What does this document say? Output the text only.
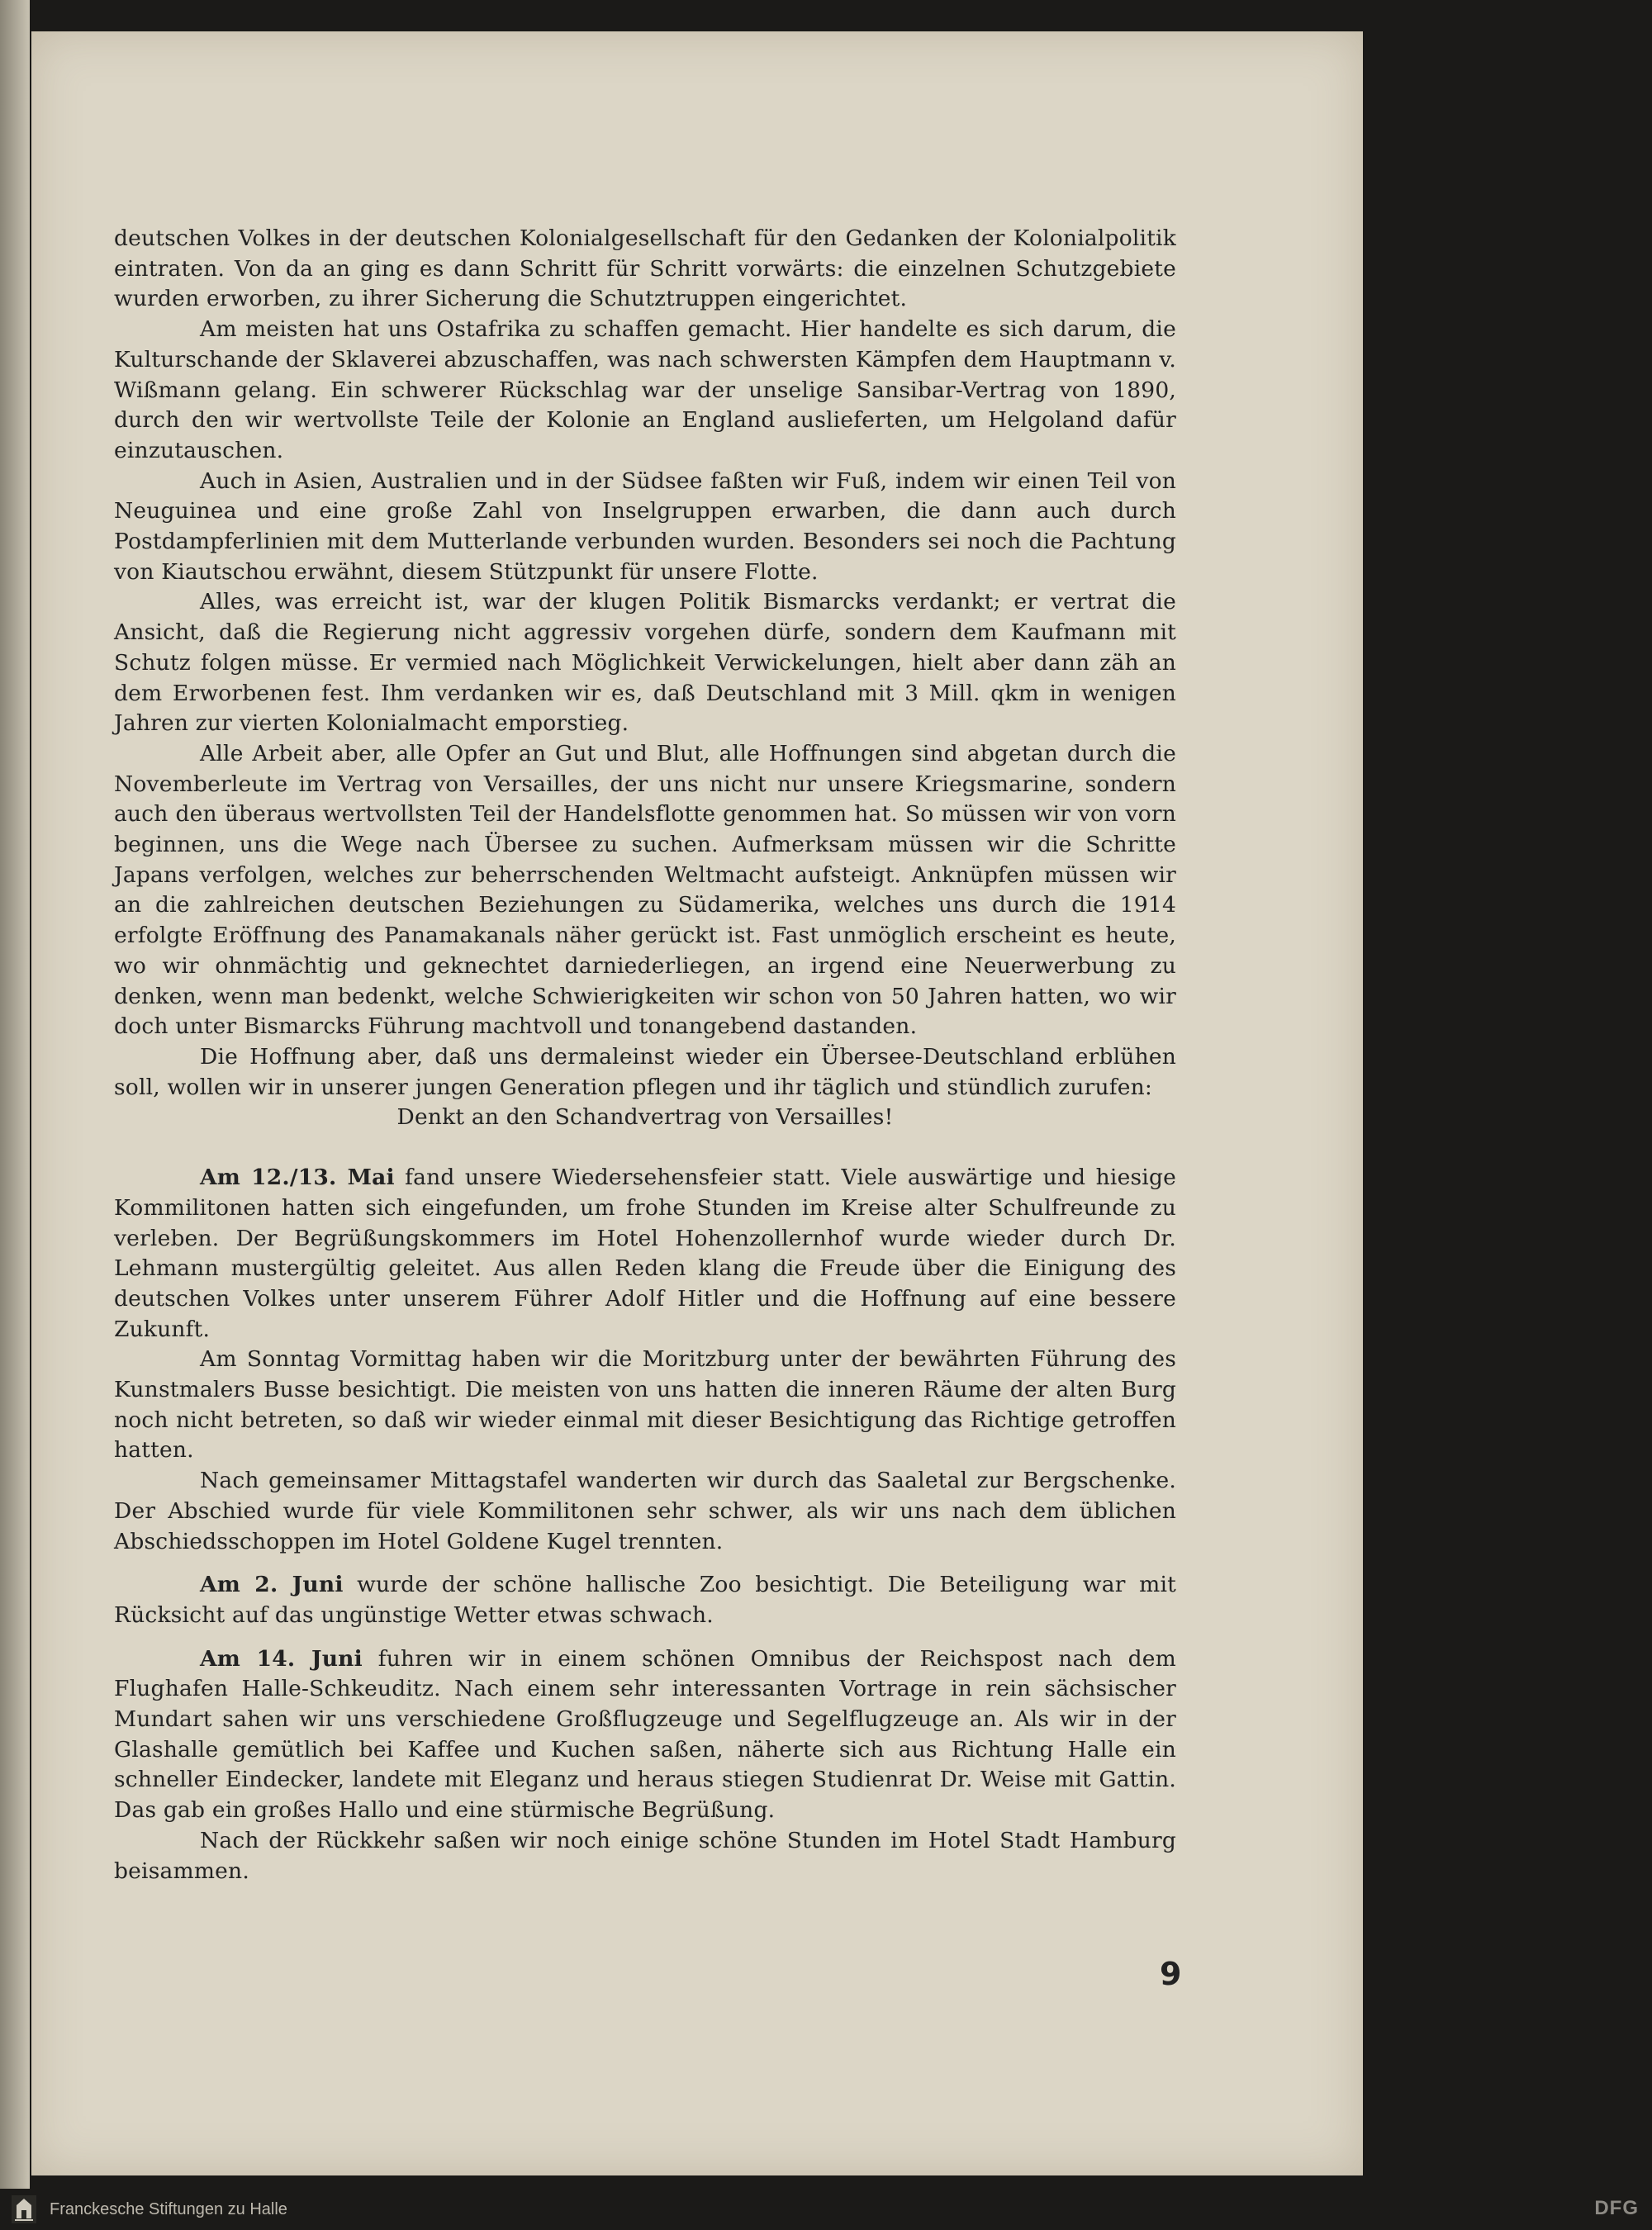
deutschen Volkes in der deutschen Kolonialgesellschaft für den Gedanken der Kolonialpolitik eintraten. Von da an ging es dann Schritt für Schritt vorwärts: die einzelnen Schutzgebiete wurden erworben, zu ihrer Sicherung die Schutztruppen eingerichtet.

Am meisten hat uns Ostafrika zu schaffen gemacht. Hier handelte es sich darum, die Kulturschande der Sklaverei abzuschaffen, was nach schwersten Kämpfen dem Hauptmann v. Wißmann gelang. Ein schwerer Rückschlag war der unselige Sansibar-Vertrag von 1890, durch den wir wertvollste Teile der Kolonie an England auslieferten, um Helgoland dafür einzutauschen.

Auch in Asien, Australien und in der Südsee faßten wir Fuß, indem wir einen Teil von Neuguinea und eine große Zahl von Inselgruppen erwarben, die dann auch durch Postdampferlinien mit dem Mutterlande verbunden wurden. Besonders sei noch die Pachtung von Kiautschou erwähnt, diesem Stützpunkt für unsere Flotte.

Alles, was erreicht ist, war der klugen Politik Bismarcks verdankt; er vertrat die Ansicht, daß die Regierung nicht aggressiv vorgehen dürfe, sondern dem Kaufmann mit Schutz folgen müsse. Er vermied nach Möglichkeit Verwickelungen, hielt aber dann zäh an dem Erworbenen fest. Ihm verdanken wir es, daß Deutschland mit 3 Mill. qkm in wenigen Jahren zur vierten Kolonialmacht emporstieg.

Alle Arbeit aber, alle Opfer an Gut und Blut, alle Hoffnungen sind abgetan durch die Novemberleute im Vertrag von Versailles, der uns nicht nur unsere Kriegsmarine, sondern auch den überaus wertvollsten Teil der Handelsflotte genommen hat. So müssen wir von vorn beginnen, uns die Wege nach Übersee zu suchen. Aufmerksam müssen wir die Schritte Japans verfolgen, welches zur beherrschenden Weltmacht aufsteigt. Anknüpfen müssen wir an die zahlreichen deutschen Beziehungen zu Südamerika, welches uns durch die 1914 erfolgte Eröffnung des Panamakanals näher gerückt ist. Fast unmöglich erscheint es heute, wo wir ohnmächtig und geknechtet darniederliegen, an irgend eine Neuerwerbung zu denken, wenn man bedenkt, welche Schwierigkeiten wir schon von 50 Jahren hatten, wo wir doch unter Bismarcks Führung machtvoll und tonangebend dastanden.

Die Hoffnung aber, daß uns dermaleinst wieder ein Übersee-Deutschland erblühen soll, wollen wir in unserer jungen Generation pflegen und ihr täglich und stündlich zurufen:

Denkt an den Schandvertrag von Versailles!

Am 12./13. Mai fand unsere Wiedersehensfeier statt. Viele auswärtige und hiesige Kommilitonen hatten sich eingefunden, um frohe Stunden im Kreise alter Schulfreunde zu verleben. Der Begrüßungskommers im Hotel Hohenzollernhof wurde wieder durch Dr. Lehmann mustergültig geleitet. Aus allen Reden klang die Freude über die Einigung des deutschen Volkes unter unserem Führer Adolf Hitler und die Hoffnung auf eine bessere Zukunft.

Am Sonntag Vormittag haben wir die Moritzburg unter der bewährten Führung des Kunstmalers Busse besichtigt. Die meisten von uns hatten die inneren Räume der alten Burg noch nicht betreten, so daß wir wieder einmal mit dieser Besichtigung das Richtige getroffen hatten.

Nach gemeinsamer Mittagstafel wanderten wir durch das Saaletal zur Bergschenke. Der Abschied wurde für viele Kommilitonen sehr schwer, als wir uns nach dem üblichen Abschiedsschoppen im Hotel Goldene Kugel trennten.

Am 2. Juni wurde der schöne hallische Zoo besichtigt. Die Beteiligung war mit Rücksicht auf das ungünstige Wetter etwas schwach.

Am 14. Juni fuhren wir in einem schönen Omnibus der Reichspost nach dem Flughafen Halle-Schkeuditz. Nach einem sehr interessanten Vortrage in rein sächsischer Mundart sahen wir uns verschiedene Großflugzeuge und Segelflugzeuge an. Als wir in der Glashalle gemütlich bei Kaffee und Kuchen saßen, näherte sich aus Richtung Halle ein schneller Eindecker, landete mit Eleganz und heraus stiegen Studienrat Dr. Weise mit Gattin. Das gab ein großes Hallo und eine stürmische Begrüßung.

Nach der Rückkehr saßen wir noch einige schöne Stunden im Hotel Stadt Hamburg beisammen.

9
Franckesche Stiftungen zu Halle	DFG
